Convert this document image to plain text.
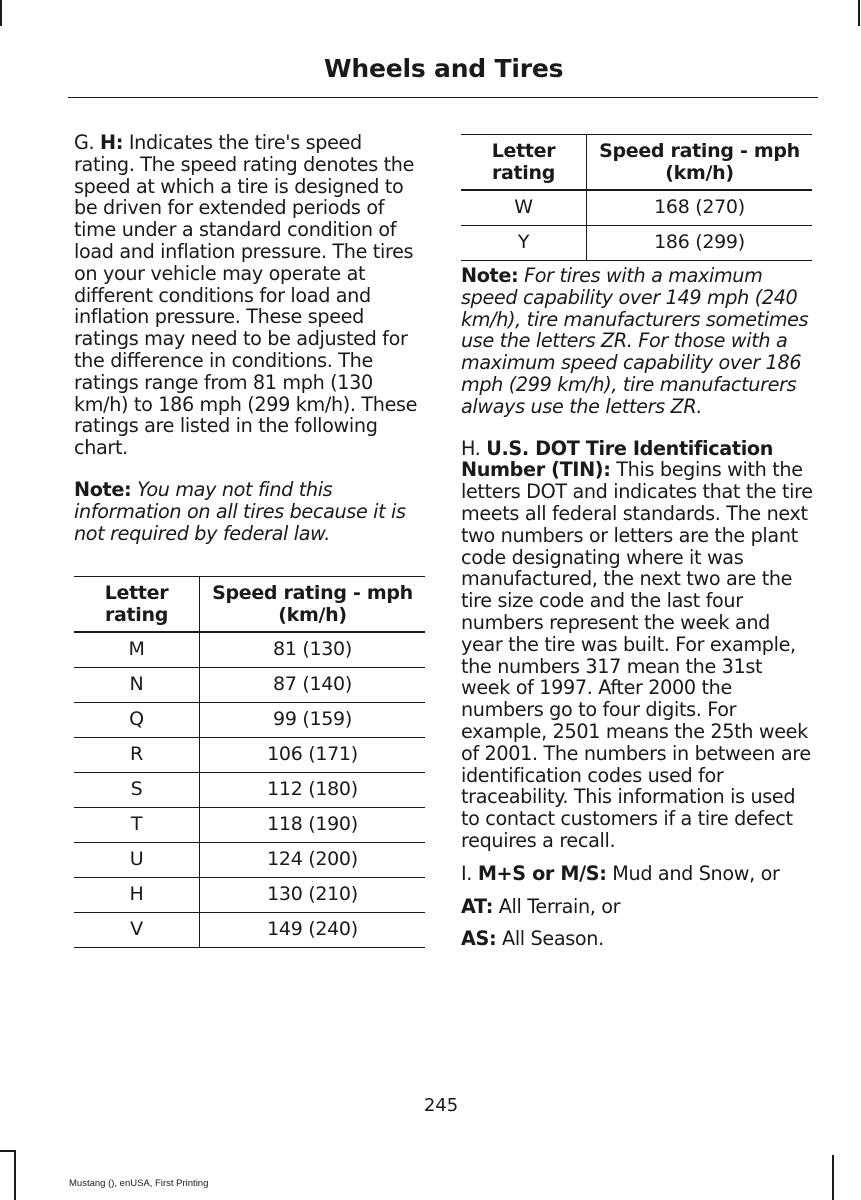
Wheels and Tires

G. H: Indicates the tire's speed rating. The speed rating denotes the speed at which a tire is designed to be driven for extended periods of time under a standard condition of load and inflation pressure. The tires on your vehicle may operate at different conditions for load and inflation pressure. These speed ratings may need to be adjusted for the difference in conditions. The ratings range from 81 mph (130 km/h) to 186 mph (299 km/h). These ratings are listed in the following chart.

Note: You may not find this information on all tires because it is not required by federal law.

Letter rating	Speed rating - mph (km/h)
M	81 (130)
N	87 (140)
Q	99 (159)
R	106 (171)
S	112 (180)
T	118 (190)
U	124 (200)
H	130 (210)
V	149 (240)
Letter rating	Speed rating - mph (km/h)
W	168 (270)
Y	186 (299)

Note: For tires with a maximum speed capability over 149 mph (240 km/h), tire manufacturers sometimes use the letters ZR. For those with a maximum speed capability over 186 mph (299 km/h), tire manufacturers always use the letters ZR.

H. U.S. DOT Tire Identification Number (TIN): This begins with the letters DOT and indicates that the tire meets all federal standards. The next two numbers or letters are the plant code designating where it was manufactured, the next two are the tire size code and the last four numbers represent the week and year the tire was built. For example, the numbers 317 mean the 31st week of 1997. After 2000 the numbers go to four digits. For example, 2501 means the 25th week of 2001. The numbers in between are identification codes used for traceability. This information is used to contact customers if a tire defect requires a recall.

I. M+S or M/S: Mud and Snow, or

AT: All Terrain, or

AS: All Season.

245
Mustang (), enUSA, First Printing
